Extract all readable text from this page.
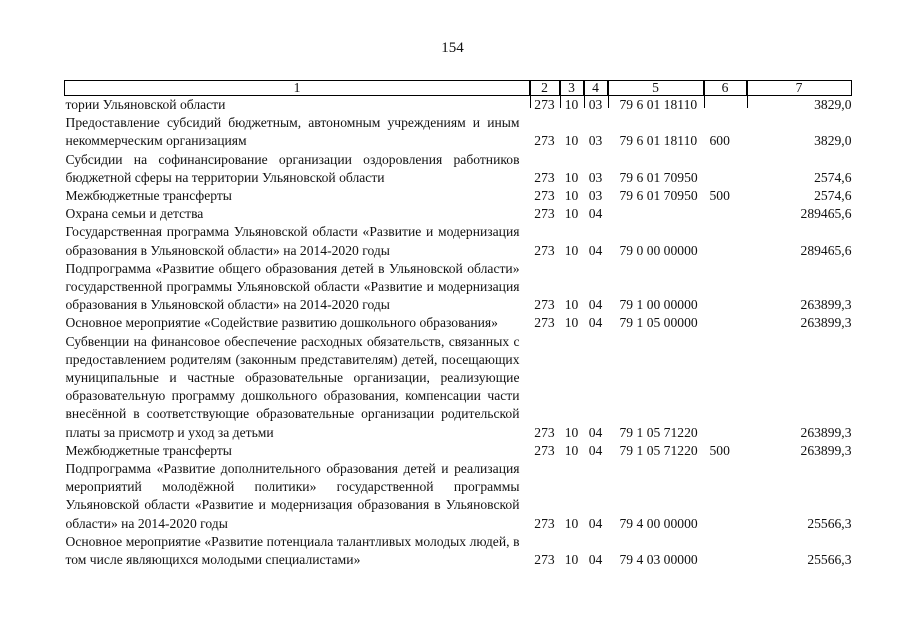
154
1	2	3	4	5	6	7
тории Ульяновской области	273	10	03	79 6 01 18110		3829,0
Предоставление субсидий бюджетным, автономным учреждениям и иным некоммерческим организациям	273	10	03	79 6 01 18110	600	3829,0
Субсидии на софинансирование организации оздоровления работников бюджетной сферы на территории Ульяновской области	273	10	03	79 6 01 70950		2574,6
Межбюджетные трансферты	273	10	03	79 6 01 70950	500	2574,6
Охрана семьи и детства	273	10	04			289465,6
Государственная программа Ульяновской области «Развитие и модернизация образования в Ульяновской области» на 2014-2020 годы	273	10	04	79 0 00 00000		289465,6
Подпрограмма «Развитие общего образования детей в Ульяновской области» государственной программы Ульяновской области «Развитие и модернизация образования в Ульяновской области» на 2014-2020 годы	273	10	04	79 1 00 00000		263899,3
Основное мероприятие «Содействие развитию дошкольного образования»	273	10	04	79 1 05 00000		263899,3
Субвенции на финансовое обеспечение расходных обязательств, связанных с предоставлением родителям (законным представителям) детей, посещающих муниципальные и частные образовательные организации, реализующие образовательную программу дошкольного образования, компенсации части внесённой в соответствующие образовательные организации родительской платы за присмотр и уход за детьми	273	10	04	79 1 05 71220		263899,3
Межбюджетные трансферты	273	10	04	79 1 05 71220	500	263899,3
Подпрограмма «Развитие дополнительного образования детей и реализация мероприятий молодёжной политики» государственной программы Ульяновской области «Развитие и модернизация образования в Ульяновской области» на 2014-2020 годы	273	10	04	79 4 00 00000		25566,3
Основное мероприятие «Развитие потенциала талантливых молодых людей, в том числе являющихся молодыми специалистами»	273	10	04	79 4 03 00000		25566,3
